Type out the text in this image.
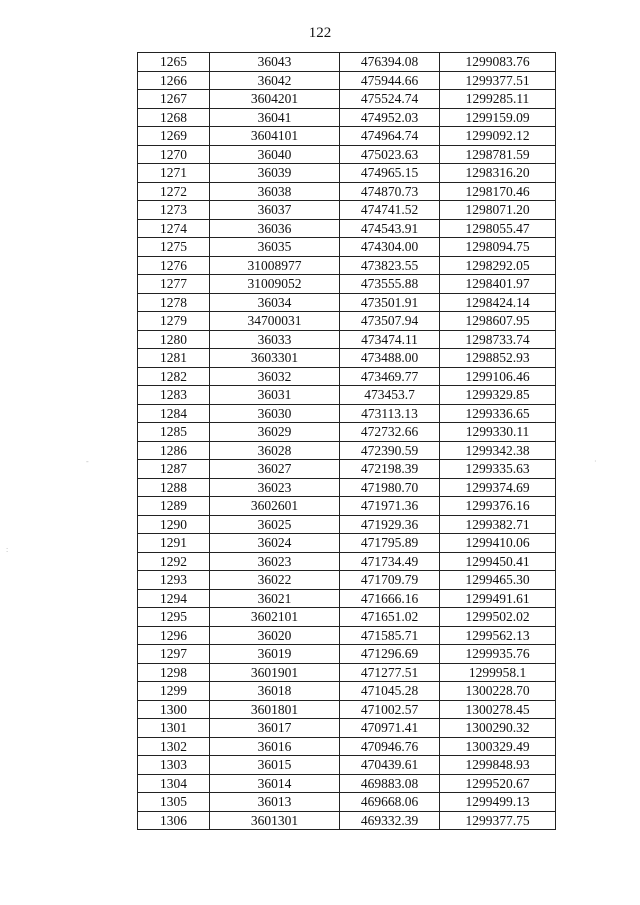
122
1265	36043	476394.08	1299083.76
1266	36042	475944.66	1299377.51
1267	3604201	475524.74	1299285.11
1268	36041	474952.03	1299159.09
1269	3604101	474964.74	1299092.12
1270	36040	475023.63	1298781.59
1271	36039	474965.15	1298316.20
1272	36038	474870.73	1298170.46
1273	36037	474741.52	1298071.20
1274	36036	474543.91	1298055.47
1275	36035	474304.00	1298094.75
1276	31008977	473823.55	1298292.05
1277	31009052	473555.88	1298401.97
1278	36034	473501.91	1298424.14
1279	34700031	473507.94	1298607.95
1280	36033	473474.11	1298733.74
1281	3603301	473488.00	1298852.93
1282	36032	473469.77	1299106.46
1283	36031	473453.7	1299329.85
1284	36030	473113.13	1299336.65
1285	36029	472732.66	1299330.11
1286	36028	472390.59	1299342.38
1287	36027	472198.39	1299335.63
1288	36023	471980.70	1299374.69
1289	3602601	471971.36	1299376.16
1290	36025	471929.36	1299382.71
1291	36024	471795.89	1299410.06
1292	36023	471734.49	1299450.41
1293	36022	471709.79	1299465.30
1294	36021	471666.16	1299491.61
1295	3602101	471651.02	1299502.02
1296	36020	471585.71	1299562.13
1297	36019	471296.69	1299935.76
1298	3601901	471277.51	1299958.1
1299	36018	471045.28	1300228.70
1300	3601801	471002.57	1300278.45
1301	36017	470971.41	1300290.32
1302	36016	470946.76	1300329.49
1303	36015	470439.61	1299848.93
1304	36014	469883.08	1299520.67
1305	36013	469668.06	1299499.13
1306	3601301	469332.39	1299377.75
-	·
:
